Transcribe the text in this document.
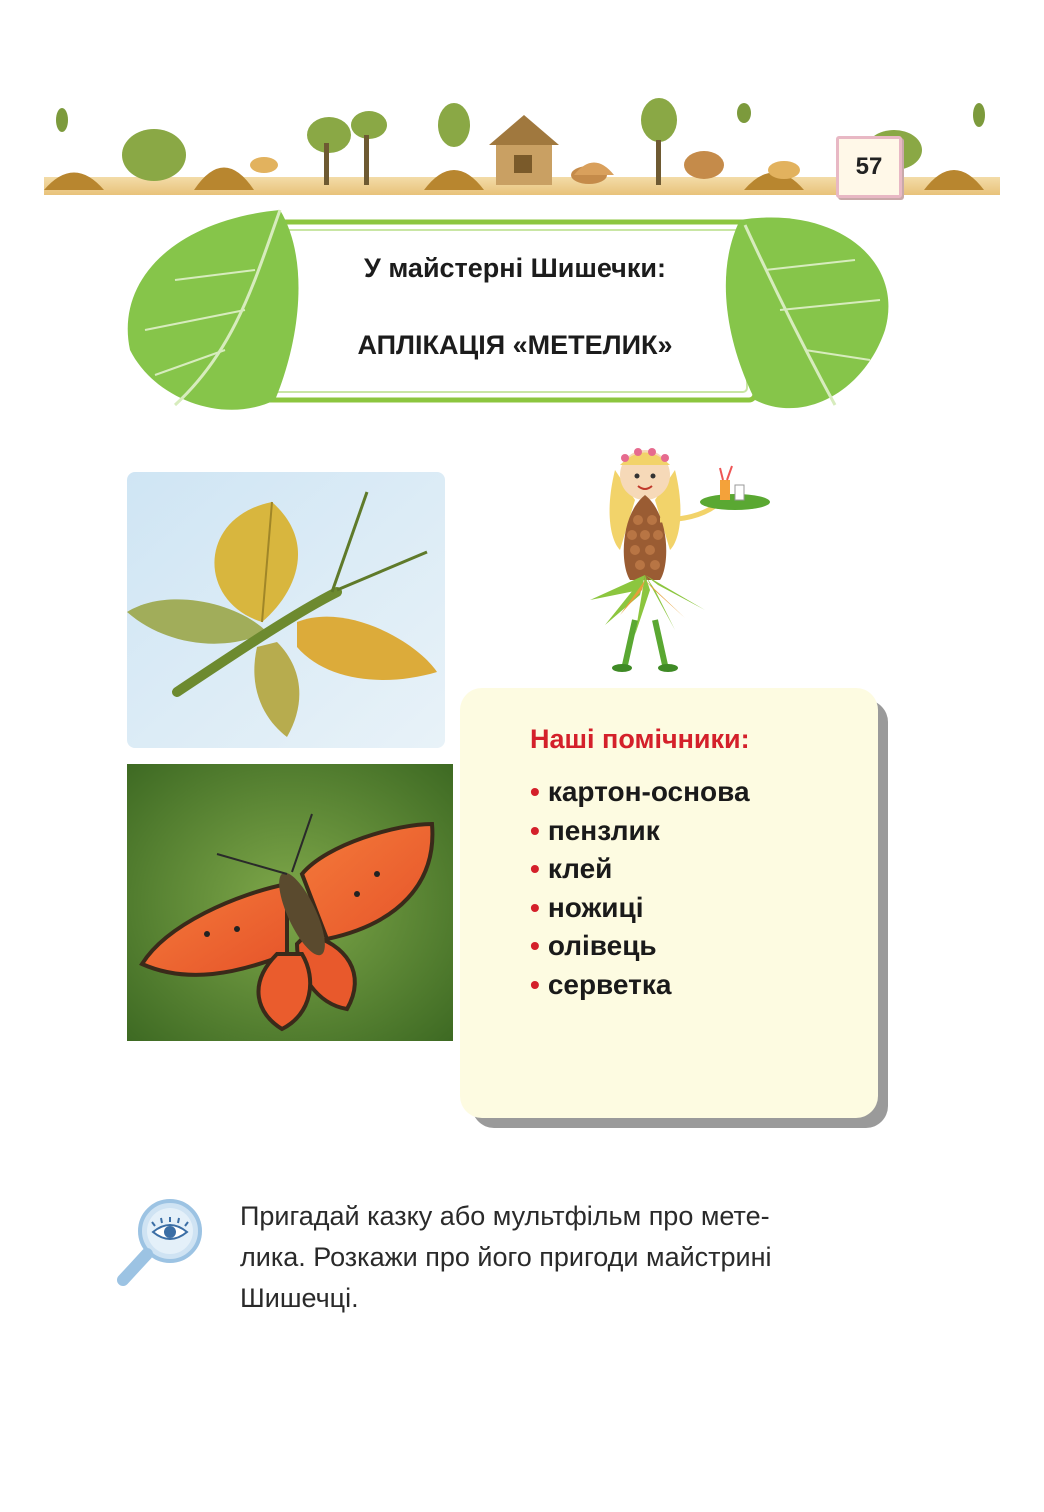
57
У майстерні Шишечки:
АПЛІКАЦІЯ «МЕТЕЛИК»
Наші помічники:
• картон-основа
• пензлик
• клей
• ножиці
• олівець
• серветка
Пригадай казку або мультфільм про мете-
лика. Розкажи про його пригоди майстрині
Шишечці.
